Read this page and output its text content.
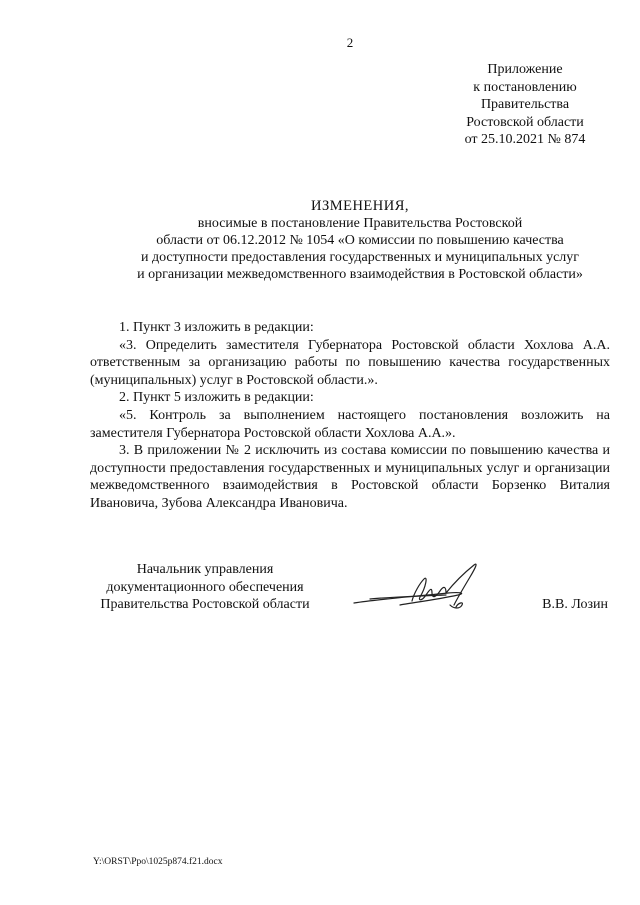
2
Приложение
к постановлению
Правительства
Ростовской области
от 25.10.2021 № 874
ИЗМЕНЕНИЯ,
вносимые в постановление Правительства Ростовской
области от 06.12.2012 № 1054 «О комиссии по повышению качества
и доступности предоставления государственных и муниципальных услуг
и организации межведомственного взаимодействия в Ростовской области»

1. Пункт 3 изложить в редакции:

«3. Определить заместителя Губернатора Ростовской области Хохлова А.А. ответственным за организацию работы по повышению качества государственных (муниципальных) услуг в Ростовской области.».

2. Пункт 5 изложить в редакции:

«5. Контроль за выполнением настоящего постановления возложить на заместителя Губернатора Ростовской области Хохлова А.А.».

3. В приложении № 2 исключить из состава комиссии по повышению качества и доступности предоставления государственных и муниципальных услуг и организации межведомственного взаимодействия в Ростовской области Борзенко Виталия Ивановича, Зубова Александра Ивановича.

Начальник управления
документационного обеспечения
Правительства Ростовской области	В.В. Лозин
Y:\ORST\Ppo\1025p874.f21.docx
